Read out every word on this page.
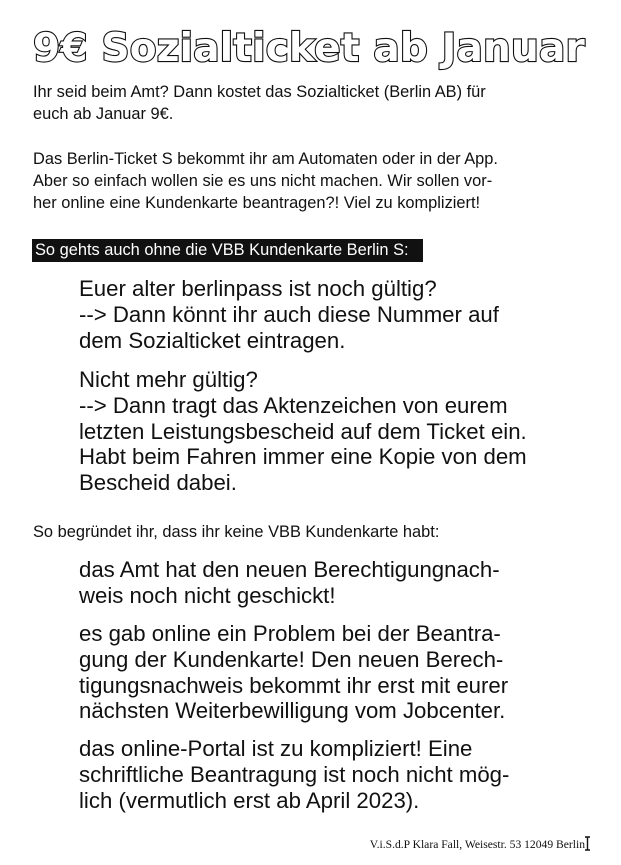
9€ Sozialticket ab Januar

Ihr seid beim Amt? Dann kostet das Sozialticket (Berlin AB) für
euch ab Januar 9€.

Das Berlin-Ticket S bekommt ihr am Automaten oder in der App.
Aber so einfach wollen sie es uns nicht machen. Wir sollen vor-
her online eine Kundenkarte beantragen?! Viel zu kompliziert!

So gehts auch ohne die VBB Kundenkarte Berlin S:

Euer alter berlinpass ist noch gültig?
--> Dann könnt ihr auch diese Nummer auf
dem Sozialticket eintragen.

Nicht mehr gültig?
--> Dann tragt das Aktenzeichen von eurem
letzten Leistungsbescheid auf dem Ticket ein.
Habt beim Fahren immer eine Kopie von dem
Bescheid dabei.

So begründet ihr, dass ihr keine VBB Kundenkarte habt:

das Amt hat den neuen Berechtigungnach-
weis noch nicht geschickt!

es gab online ein Problem bei der Beantra-
gung der Kundenkarte! Den neuen Berech-
tigungsnachweis bekommt ihr erst mit eurer
nächsten Weiterbewilligung vom Jobcenter.

das online-Portal ist zu kompliziert! Eine
schriftliche Beantragung ist noch nicht mög-
lich (vermutlich erst ab April 2023).

V.i.S.d.P Klara Fall, Weisestr. 53 12049 Berlin
